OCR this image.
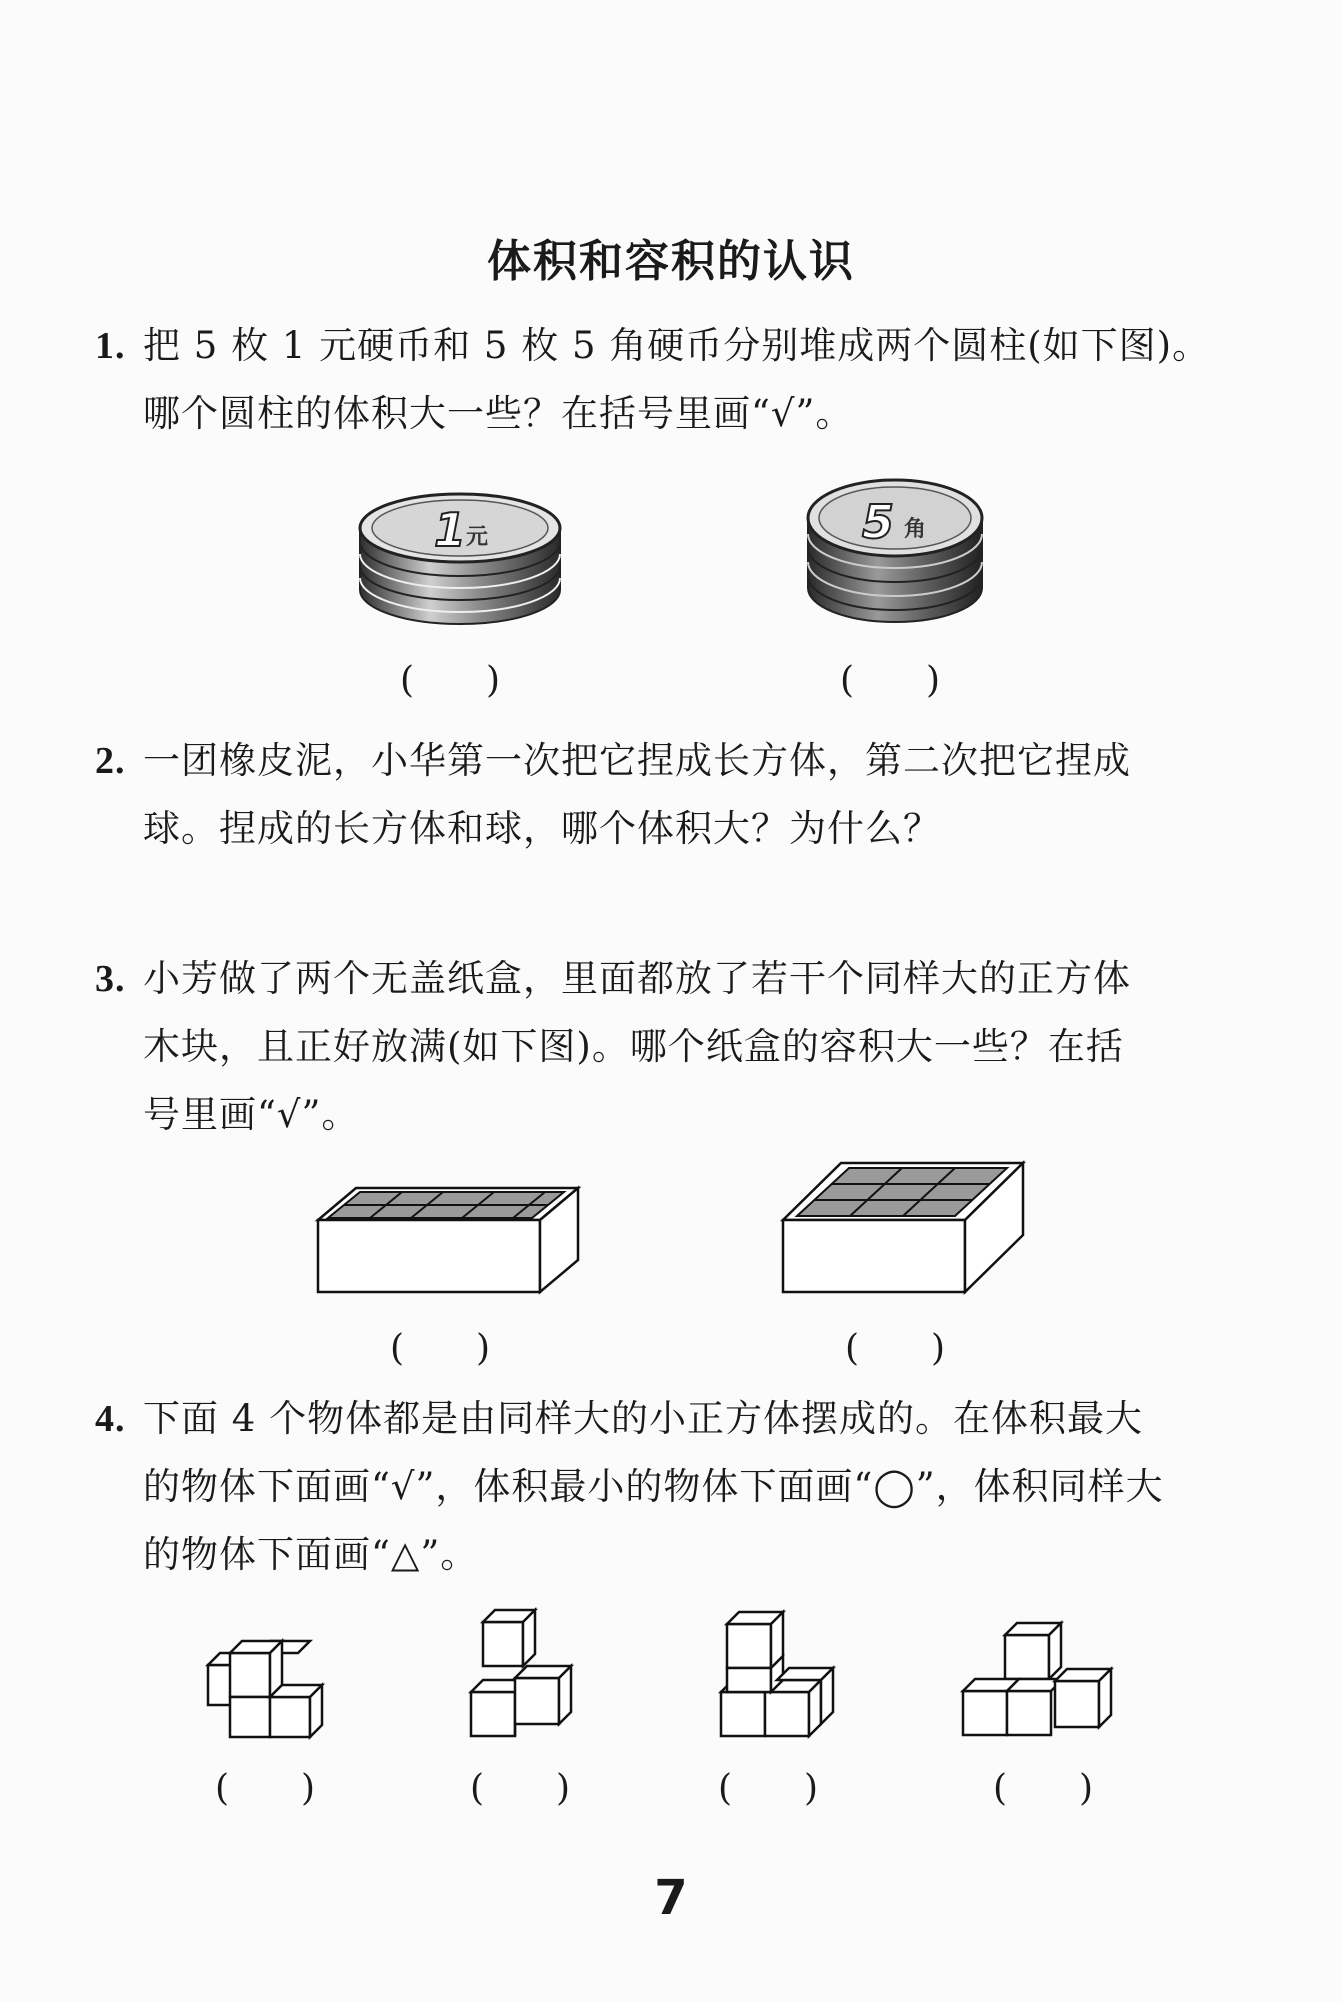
体积和容积的认识
1. 把 5 枚 1 元硬币和 5 枚 5 角硬币分别堆成两个圆柱(如下图)。
哪个圆柱的体积大一些？在括号里画“√”。
1 元	5 角
(　　)	(　　)
2. 一团橡皮泥，小华第一次把它捏成长方体，第二次把它捏成
球。捏成的长方体和球，哪个体积大？为什么？
3. 小芳做了两个无盖纸盒，里面都放了若干个同样大的正方体
木块，且正好放满(如下图)。哪个纸盒的容积大一些？在括
号里画“√”。
(　　)	(　　)
4. 下面 4 个物体都是由同样大的小正方体摆成的。在体积最大
的物体下面画“√”，体积最小的物体下面画“◯”，体积同样大
的物体下面画“△”。
(　　)	(　　)	(　　)	(　　)
7
